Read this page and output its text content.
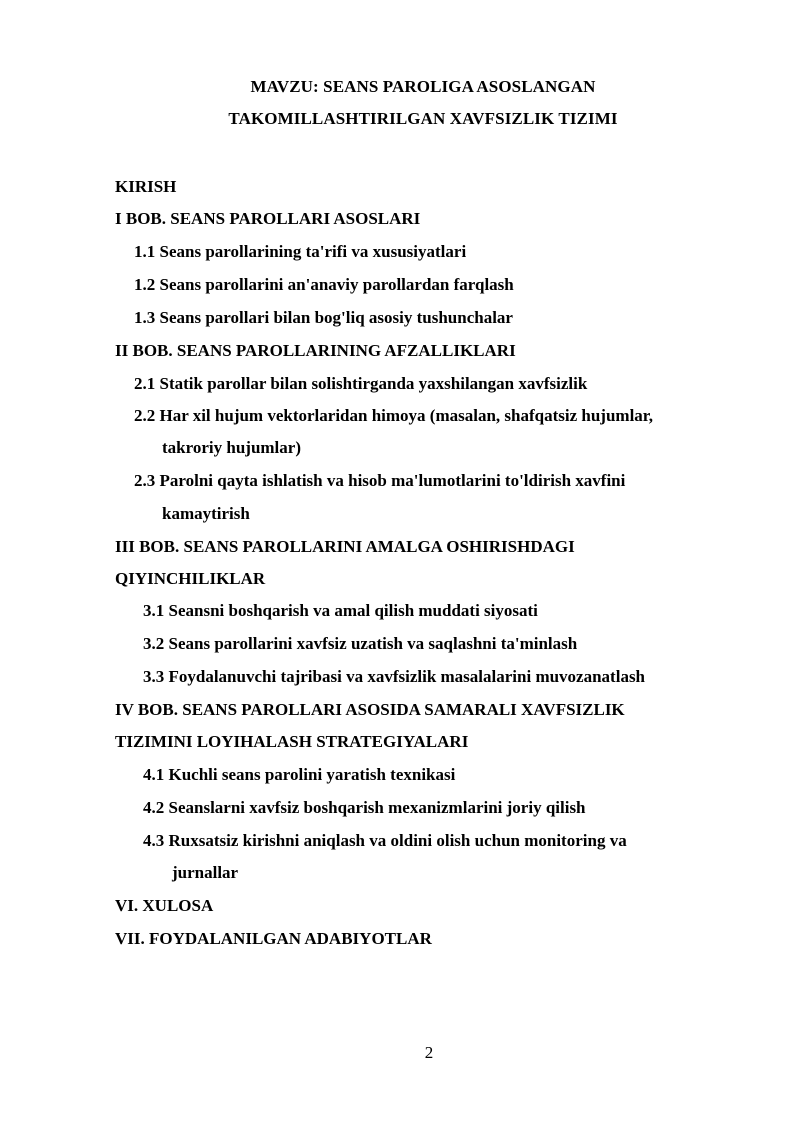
MAVZU: SEANS PAROLIGA ASOSLANGAN
TAKOMILLASHTIRILGAN XAVFSIZLIK TIZIMI
KIRISH
I BOB. SEANS PAROLLARI ASOSLARI
1.1 Seans parollarining ta'rifi va xususiyatlari
1.2 Seans parollarini an'anaviy parollardan farqlash
1.3 Seans parollari bilan bog'liq asosiy tushunchalar
II BOB. SEANS PAROLLARINING AFZALLIKLARI
2.1 Statik parollar bilan solishtirganda yaxshilangan xavfsizlik
2.2 Har xil hujum vektorlaridan himoya (masalan, shafqatsiz hujumlar,
takroriy hujumlar)
2.3 Parolni qayta ishlatish va hisob ma'lumotlarini to'ldirish xavfini
kamaytirish
III BOB. SEANS PAROLLARINI AMALGA OSHIRISHDAGI
QIYINCHILIKLAR
3.1 Seansni boshqarish va amal qilish muddati siyosati
3.2 Seans parollarini xavfsiz uzatish va saqlashni ta'minlash
3.3 Foydalanuvchi tajribasi va xavfsizlik masalalarini muvozanatlash
IV BOB. SEANS PAROLLARI ASOSIDA SAMARALI XAVFSIZLIK
TIZIMINI LOYIHALASH STRATEGIYALARI
4.1 Kuchli seans parolini yaratish texnikasi
4.2 Seanslarni xavfsiz boshqarish mexanizmlarini joriy qilish
4.3 Ruxsatsiz kirishni aniqlash va oldini olish uchun monitoring va
jurnallar
VI. XULOSA
VII. FOYDALANILGAN ADABIYOTLAR
2
